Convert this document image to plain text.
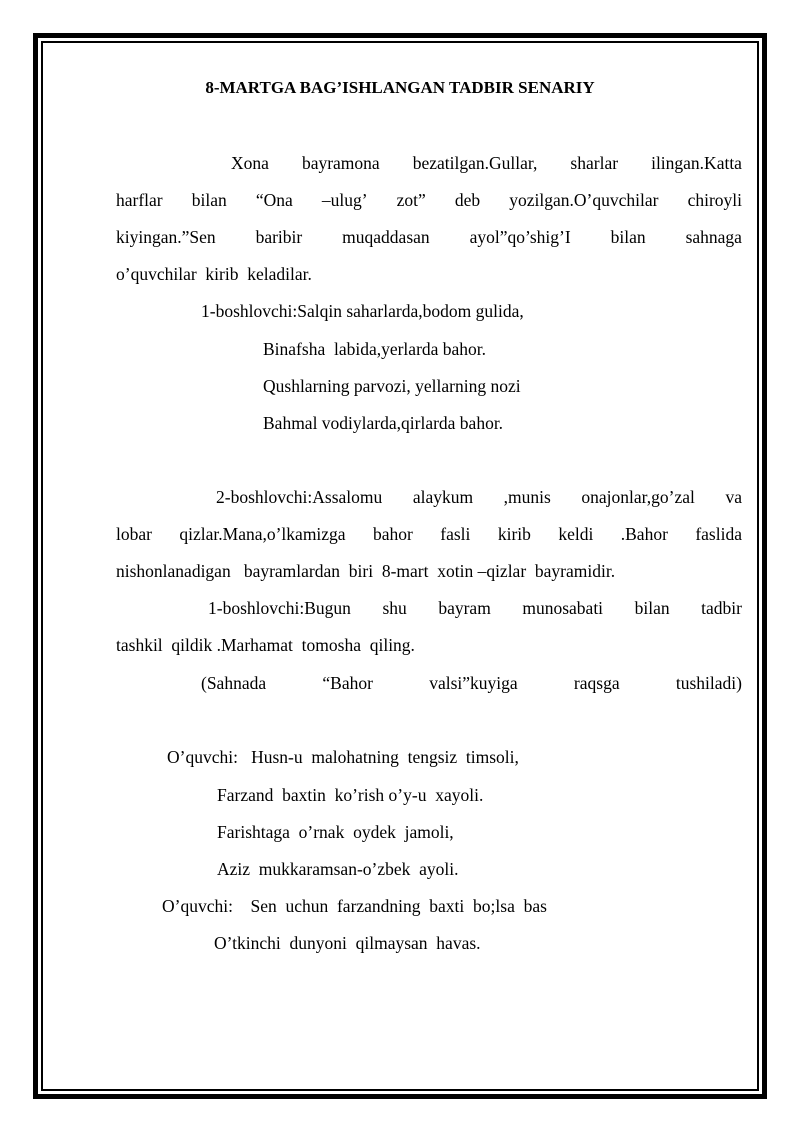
8-MARTGA BAG’ISHLANGAN TADBIR SENARIY
Xona bayramona bezatilgan.Gullar, sharlar ilingan.Katta
harflar bilan “Ona –ulug’ zot” deb yozilgan.O’quvchilar chiroyli
kiyingan.”Sen baribir muqaddasan ayol”qo’shig’I bilan sahnaga
o’quvchilar  kirib  keladilar.
1-boshlovchi:Salqin saharlarda,bodom gulida,
Binafsha  labida,yerlarda bahor.
Qushlarning parvozi, yellarning nozi
Bahmal vodiylarda,qirlarda bahor.
2-boshlovchi:Assalomu alaykum ,munis onajonlar,go’zal va
lobar qizlar.Mana,o’lkamizga bahor fasli kirib keldi .Bahor faslida
nishonlanadigan   bayramlardan  biri  8-mart  xotin –qizlar  bayramidir.
1-boshlovchi:Bugun shu bayram munosabati bilan tadbir
tashkil  qildik .Marhamat  tomosha  qiling.
(Sahnada	“Bahor	valsi”kuyiga	raqsga	tushiladi)
O’quvchi:   Husn-u  malohatning  tengsiz  timsoli,
Farzand  baxtin  ko’rish o’y-u  xayoli.
Farishtaga  o’rnak  oydek  jamoli,
Aziz  mukkaramsan-o’zbek  ayoli.
O’quvchi:    Sen  uchun  farzandning  baxti  bo;lsa  bas
O’tkinchi  dunyoni  qilmaysan  havas.
